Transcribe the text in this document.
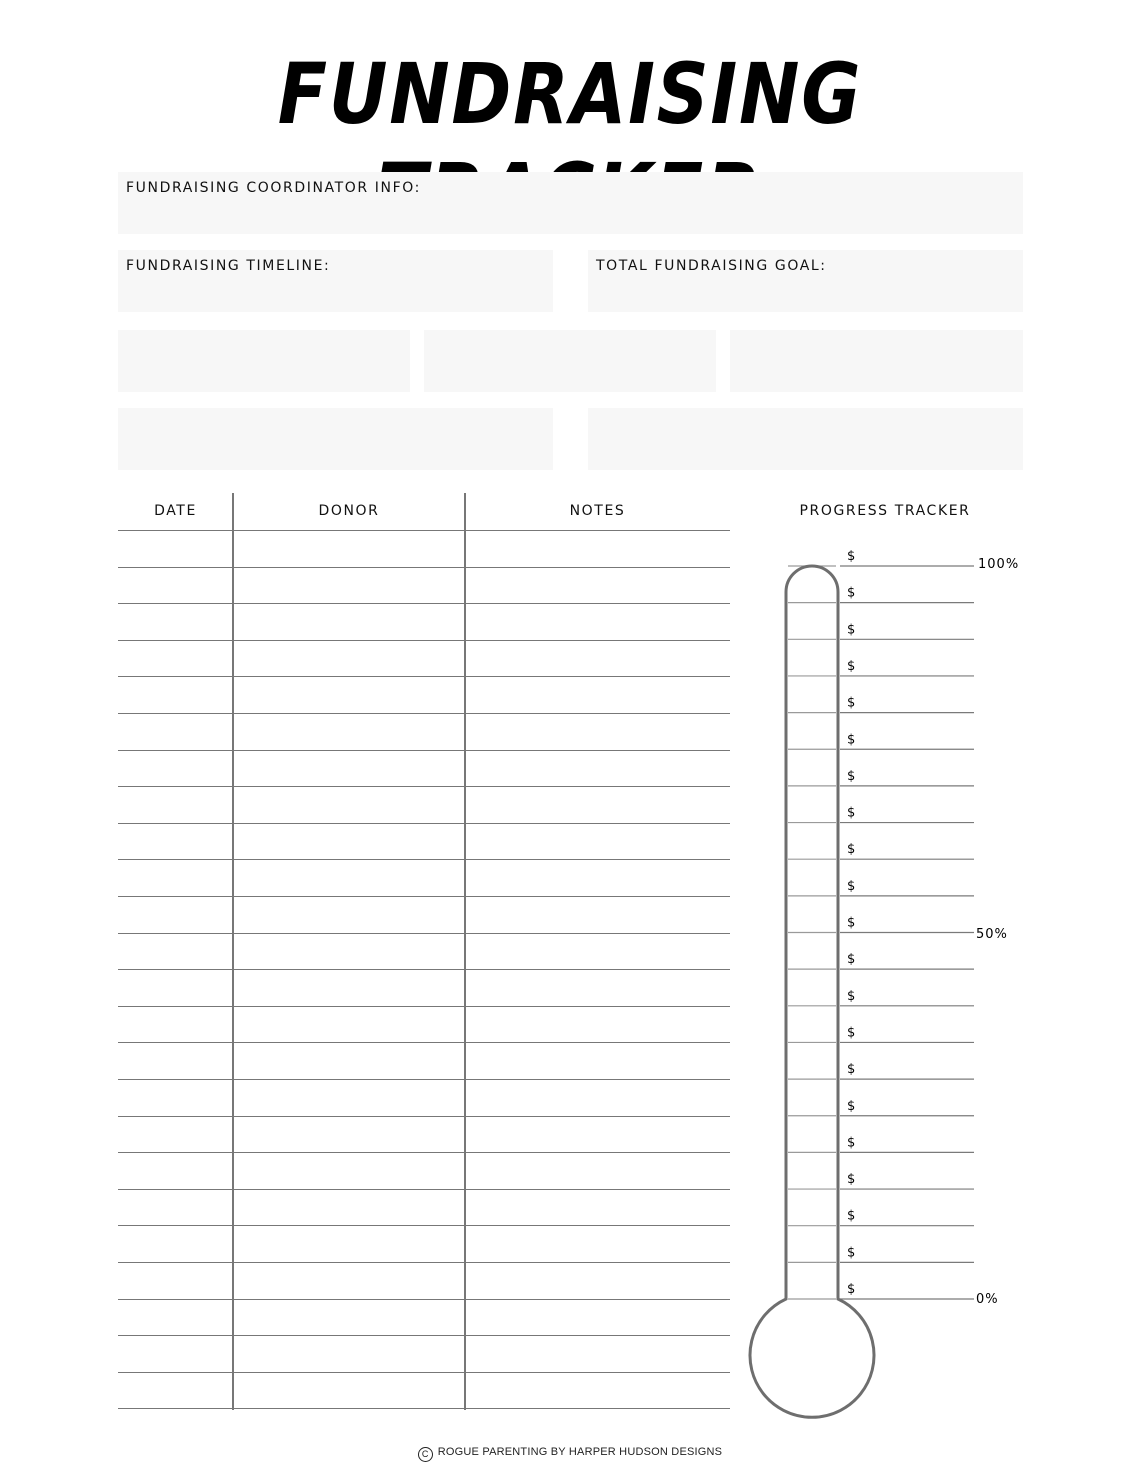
FUNDRAISING
FUNDRAISING COORDINATOR INFO:
FUNDRAISING TIMELINE:	TOTAL FUNDRAISING GOAL:
DATE	DONOR	NOTES	PROGRESS TRACKER
$
$
$
$
$
$
$
$
$
$
$
$
$
$
$
$
$
$
$
$
$
100%
50%
0%
C ROGUE PARENTING BY HARPER HUDSON DESIGNS
